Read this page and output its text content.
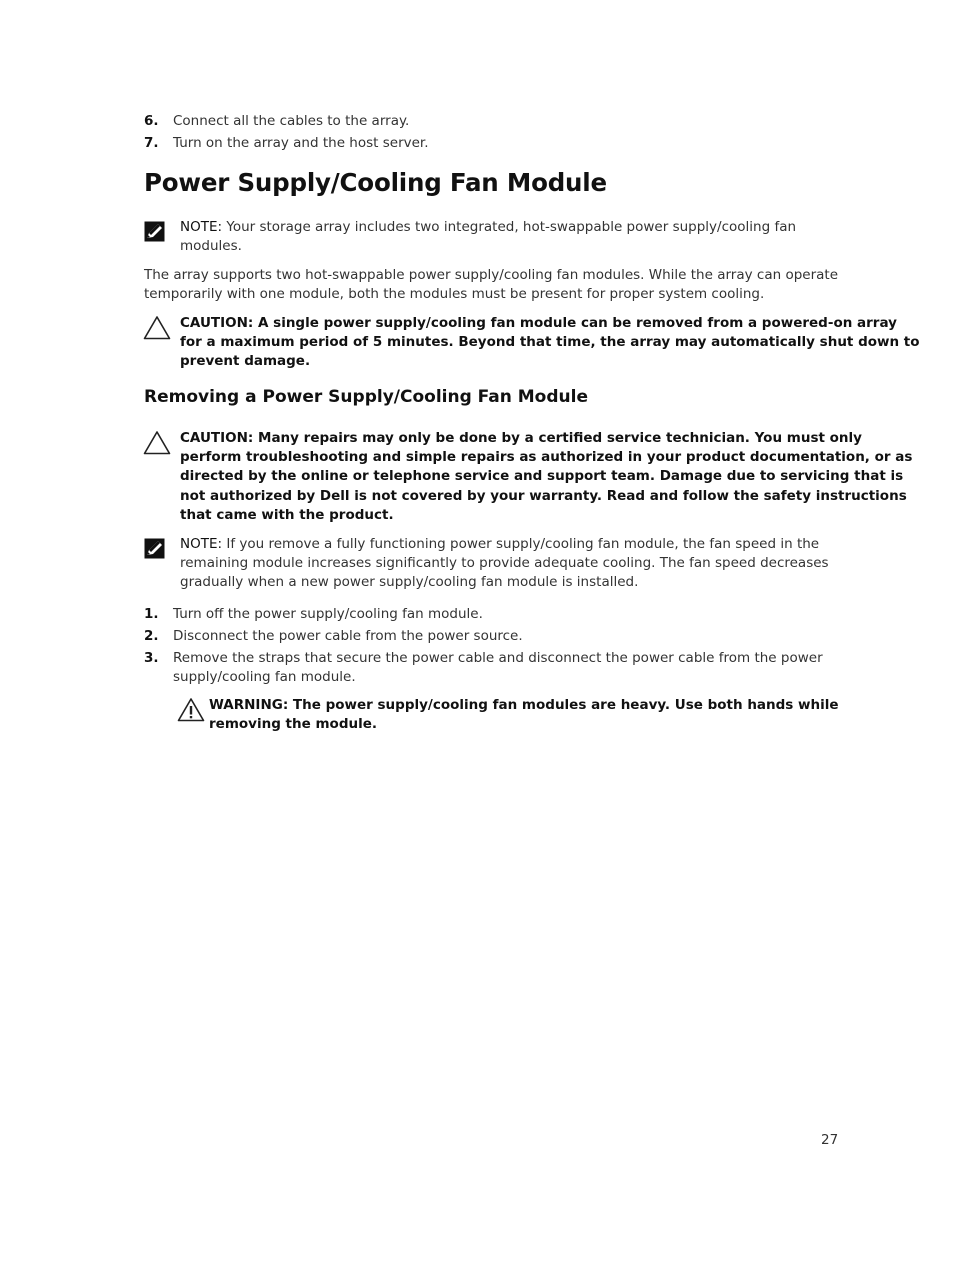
6. Connect all the cables to the array.
7. Turn on the array and the host server.
Power Supply/Cooling Fan Module
NOTE: Your storage array includes two integrated, hot-swappable power supply/cooling fan
modules.
The array supports two hot-swappable power supply/cooling fan modules. While the array can operate
temporarily with one module, both the modules must be present for proper system cooling.
CAUTION: A single power supply/cooling fan module can be removed from a powered-on array
for a maximum period of 5 minutes. Beyond that time, the array may automatically shut down to
prevent damage.
Removing a Power Supply/Cooling Fan Module
CAUTION: Many repairs may only be done by a certified service technician. You must only
perform troubleshooting and simple repairs as authorized in your product documentation, or as
directed by the online or telephone service and support team. Damage due to servicing that is
not authorized by Dell is not covered by your warranty. Read and follow the safety instructions
that came with the product.
NOTE: If you remove a fully functioning power supply/cooling fan module, the fan speed in the
remaining module increases significantly to provide adequate cooling. The fan speed decreases
gradually when a new power supply/cooling fan module is installed.
1. Turn off the power supply/cooling fan module.
2. Disconnect the power cable from the power source.
3. Remove the straps that secure the power cable and disconnect the power cable from the power
supply/cooling fan module.
WARNING: The power supply/cooling fan modules are heavy. Use both hands while
removing the module.
27
